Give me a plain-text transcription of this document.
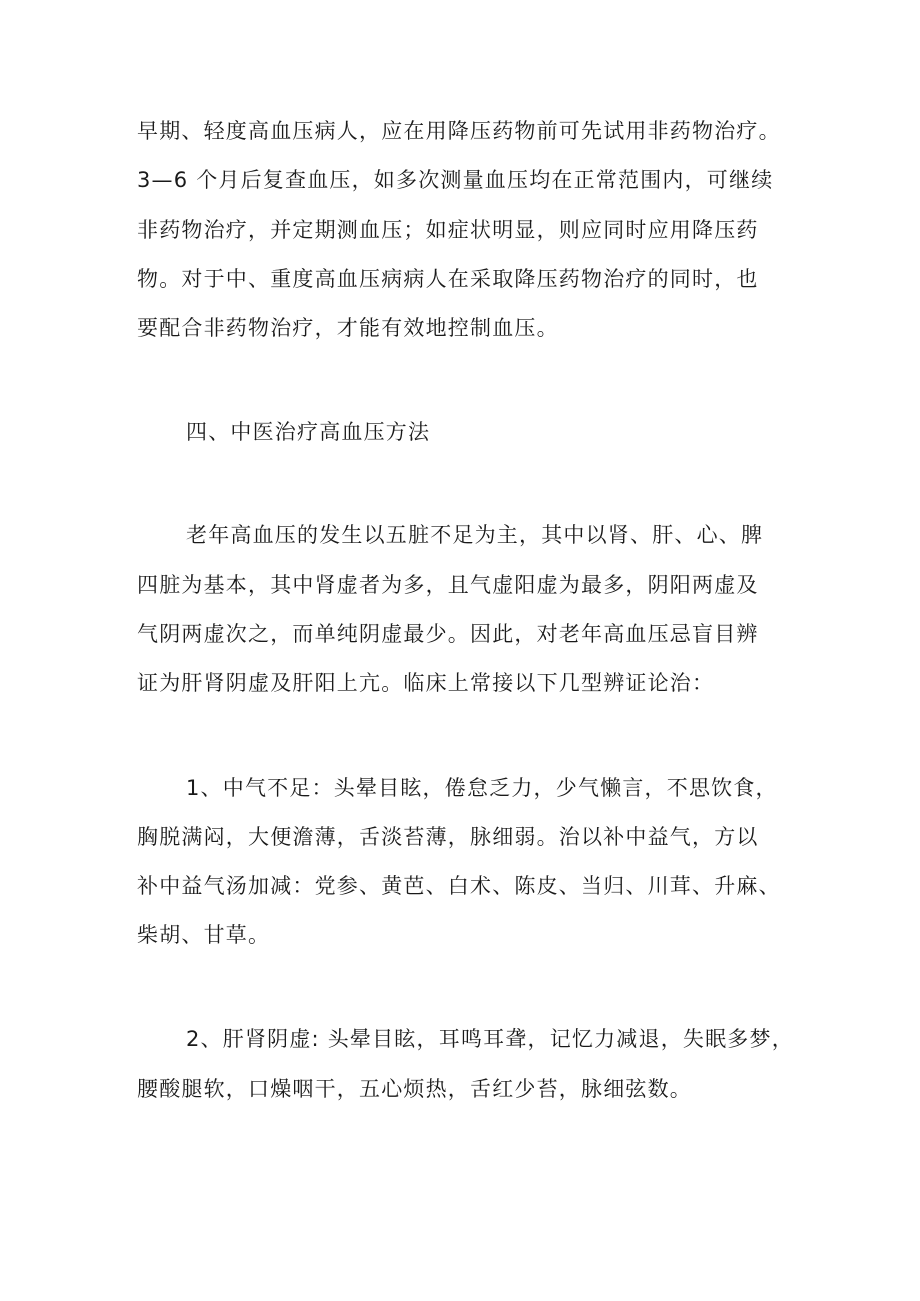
早期、轻度高血压病人，应在用降压药物前可先试用非药物治疗。
3—6 个月后复查血压，如多次测量血压均在正常范围内，可继续
非药物治疗，并定期测血压；如症状明显，则应同时应用降压药
物。对于中、重度高血压病病人在采取降压药物治疗的同时，也
要配合非药物治疗，才能有效地控制血压。
四、中医治疗高血压方法
老年高血压的发生以五脏不足为主，其中以肾、肝、心、脾
四脏为基本，其中肾虚者为多，且气虚阳虚为最多，阴阳两虚及
气阴两虚次之，而单纯阴虚最少。因此，对老年高血压忌盲目辨
证为肝肾阴虚及肝阳上亢。临床上常接以下几型辨证论治：
1、中气不足：头晕目眩，倦怠乏力，少气懒言，不思饮食，
胸脱满闷，大便澹薄，舌淡苔薄，脉细弱。治以补中益气，方以
补中益气汤加减：党参、黄芭、白术、陈皮、当归、川茸、升麻、
柴胡、甘草。
2、肝肾阴虚: 头晕目眩，耳鸣耳聋，记忆力减退，失眠多梦，
腰酸腿软，口燥咽干，五心烦热，舌红少苔，脉细弦数。
